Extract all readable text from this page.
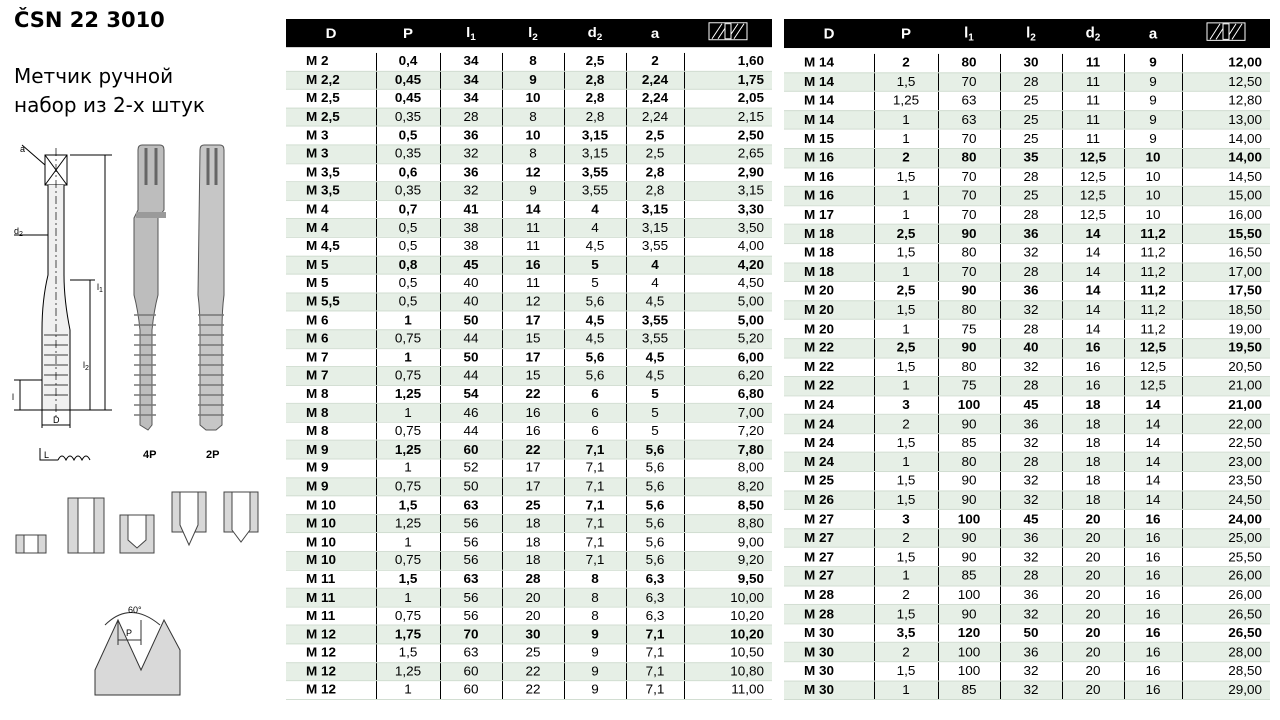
ČSN 22 3010
Метчик ручной
набор из 2-х штук
a
$d_2$
$l_1$
$l_2$
l
D
L	4P	2P
60°
P
D	P	$l_1$	$l_2$	$d_2$	a	

M 2	0,4	34	8	2,5	2	1,60
M 2,2	0,45	34	9	2,8	2,24	1,75
M 2,5	0,45	34	10	2,8	2,24	2,05
M 2,5	0,35	28	8	2,8	2,24	2,15
M 3	0,5	36	10	3,15	2,5	2,50
M 3	0,35	32	8	3,15	2,5	2,65
M 3,5	0,6	36	12	3,55	2,8	2,90
M 3,5	0,35	32	9	3,55	2,8	3,15
M 4	0,7	41	14	4	3,15	3,30
M 4	0,5	38	11	4	3,15	3,50
M 4,5	0,5	38	11	4,5	3,55	4,00
M 5	0,8	45	16	5	4	4,20
M 5	0,5	40	11	5	4	4,50
M 5,5	0,5	40	12	5,6	4,5	5,00
M 6	1	50	17	4,5	3,55	5,00
M 6	0,75	44	15	4,5	3,55	5,20
M 7	1	50	17	5,6	4,5	6,00
M 7	0,75	44	15	5,6	4,5	6,20
M 8	1,25	54	22	6	5	6,80
M 8	1	46	16	6	5	7,00
M 8	0,75	44	16	6	5	7,20
M 9	1,25	60	22	7,1	5,6	7,80
M 9	1	52	17	7,1	5,6	8,00
M 9	0,75	50	17	7,1	5,6	8,20
M 10	1,5	63	25	7,1	5,6	8,50
M 10	1,25	56	18	7,1	5,6	8,80
M 10	1	56	18	7,1	5,6	9,00
M 10	0,75	56	18	7,1	5,6	9,20
M 11	1,5	63	28	8	6,3	9,50
M 11	1	56	20	8	6,3	10,00
M 11	0,75	56	20	8	6,3	10,20
M 12	1,75	70	30	9	7,1	10,20
M 12	1,5	63	25	9	7,1	10,50
M 12	1,25	60	22	9	7,1	10,80
M 12	1	60	22	9	7,1	11,00
D	P	$l_1$	$l_2$	$d_2$	a	

M 14	2	80	30	11	9	12,00
M 14	1,5	70	28	11	9	12,50
M 14	1,25	63	25	11	9	12,80
M 14	1	63	25	11	9	13,00
M 15	1	70	25	11	9	14,00
M 16	2	80	35	12,5	10	14,00
M 16	1,5	70	28	12,5	10	14,50
M 16	1	70	25	12,5	10	15,00
M 17	1	70	28	12,5	10	16,00
M 18	2,5	90	36	14	11,2	15,50
M 18	1,5	80	32	14	11,2	16,50
M 18	1	70	28	14	11,2	17,00
M 20	2,5	90	36	14	11,2	17,50
M 20	1,5	80	32	14	11,2	18,50
M 20	1	75	28	14	11,2	19,00
M 22	2,5	90	40	16	12,5	19,50
M 22	1,5	80	32	16	12,5	20,50
M 22	1	75	28	16	12,5	21,00
M 24	3	100	45	18	14	21,00
M 24	2	90	36	18	14	22,00
M 24	1,5	85	32	18	14	22,50
M 24	1	80	28	18	14	23,00
M 25	1,5	90	32	18	14	23,50
M 26	1,5	90	32	18	14	24,50
M 27	3	100	45	20	16	24,00
M 27	2	90	36	20	16	25,00
M 27	1,5	90	32	20	16	25,50
M 27	1	85	28	20	16	26,00
M 28	2	100	36	20	16	26,00
M 28	1,5	90	32	20	16	26,50
M 30	3,5	120	50	20	16	26,50
M 30	2	100	36	20	16	28,00
M 30	1,5	100	32	20	16	28,50
M 30	1	85	32	20	16	29,00
